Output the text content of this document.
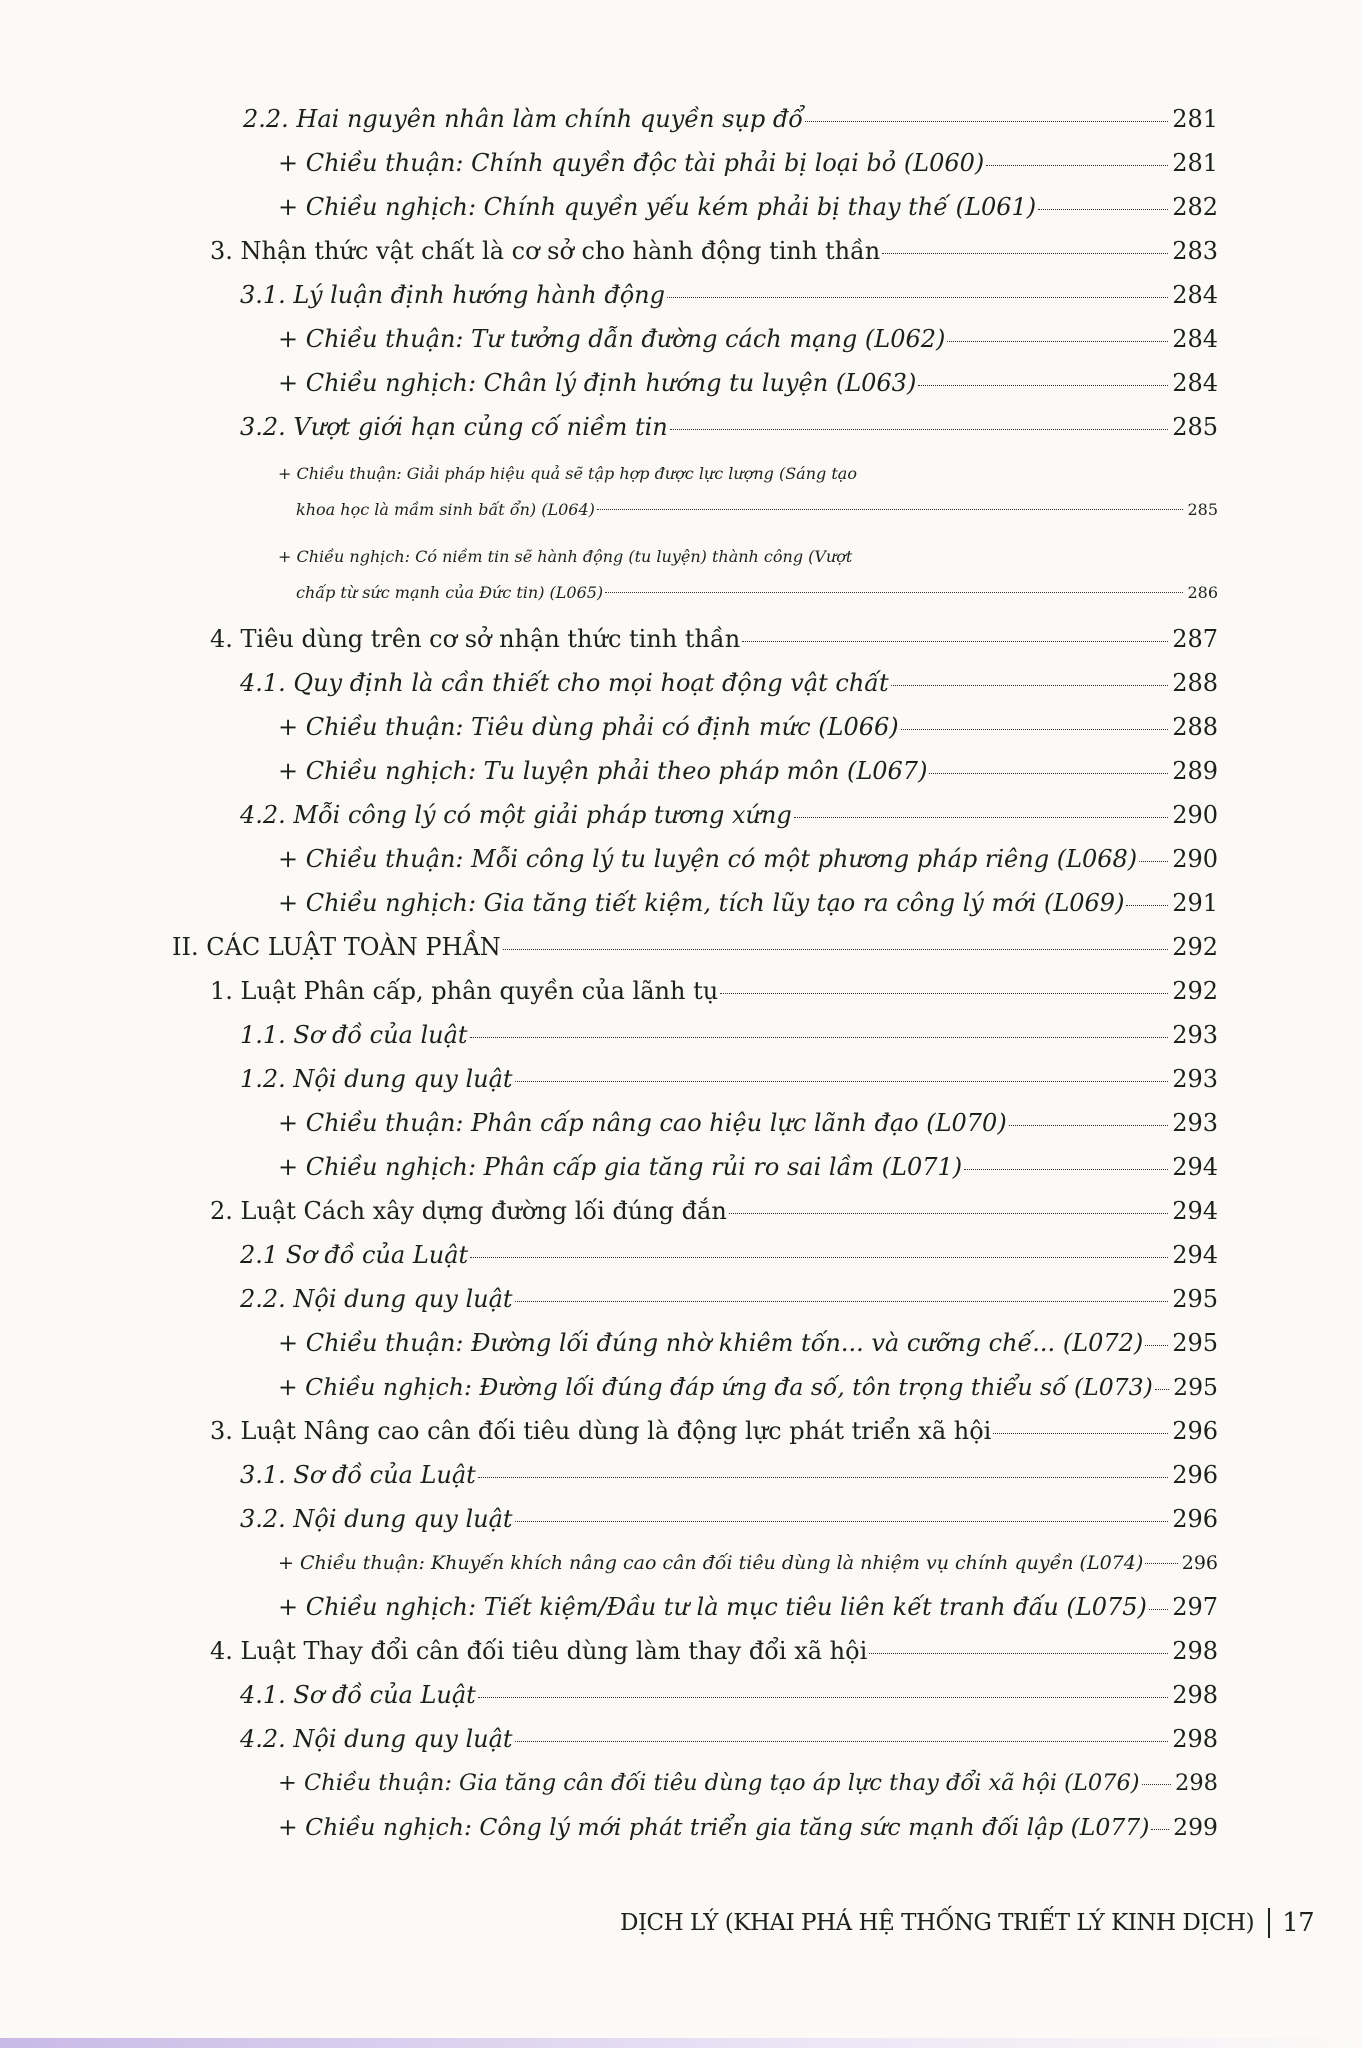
2.2. Hai nguyên nhân làm chính quyền sụp đổ	281
+ Chiều thuận: Chính quyền độc tài phải bị loại bỏ (L060)	281
+ Chiều nghịch: Chính quyền yếu kém phải bị thay thế (L061)	282
3. Nhận thức vật chất là cơ sở cho hành động tinh thần	283
3.1. Lý luận định hướng hành động	284
+ Chiều thuận: Tư tưởng dẫn đường cách mạng (L062)	284
+ Chiều nghịch: Chân lý định hướng tu luyện (L063)	284
3.2. Vượt giới hạn củng cố niềm tin	285
+ Chiều thuận: Giải pháp hiệu quả sẽ tập hợp được lực lượng (Sáng tạo
khoa học là mầm sinh bất ổn) (L064)	285
+ Chiều nghịch: Có niềm tin sẽ hành động (tu luyện) thành công (Vượt
chấp từ sức mạnh của Đức tin) (L065)	286
4. Tiêu dùng trên cơ sở nhận thức tinh thần	287
4.1. Quy định là cần thiết cho mọi hoạt động vật chất	288
+ Chiều thuận: Tiêu dùng phải có định mức (L066)	288
+ Chiều nghịch: Tu luyện phải theo pháp môn (L067)	289
4.2. Mỗi công lý có một giải pháp tương xứng	290
+ Chiều thuận: Mỗi công lý tu luyện có một phương pháp riêng (L068) 290
+ Chiều nghịch: Gia tăng tiết kiệm, tích lũy tạo ra công lý mới (L069) 291
II. CÁC LUẬT TOÀN PHẦN	292
1. Luật Phân cấp, phân quyền của lãnh tụ	292
1.1. Sơ đồ của luật	293
1.2. Nội dung quy luật	293
+ Chiều thuận: Phân cấp nâng cao hiệu lực lãnh đạo (L070)	293
+ Chiều nghịch: Phân cấp gia tăng rủi ro sai lầm (L071)	294
2. Luật Cách xây dựng đường lối đúng đắn	294
2.1 Sơ đồ của Luật	294
2.2. Nội dung quy luật	295
+ Chiều thuận: Đường lối đúng nhờ khiêm tốn... và cưỡng chế... (L072) 295
+ Chiều nghịch: Đường lối đúng đáp ứng đa số, tôn trọng thiểu số (L073) 295
3. Luật Nâng cao cân đối tiêu dùng là động lực phát triển xã hội	296
3.1. Sơ đồ của Luật	296
3.2. Nội dung quy luật	296
+ Chiều thuận: Khuyến khích nâng cao cân đối tiêu dùng là nhiệm vụ chính quyền (L074) 296
+ Chiều nghịch: Tiết kiệm/Đầu tư là mục tiêu liên kết tranh đấu (L075) 297
4. Luật Thay đổi cân đối tiêu dùng làm thay đổi xã hội	298
4.1. Sơ đồ của Luật	298
4.2. Nội dung quy luật	298
+ Chiều thuận: Gia tăng cân đối tiêu dùng tạo áp lực thay đổi xã hội (L076) 298
+ Chiều nghịch: Công lý mới phát triển gia tăng sức mạnh đối lập (L077) 299
DỊCH LÝ (KHAI PHÁ HỆ THỐNG TRIẾT LÝ KINH DỊCH) 17
